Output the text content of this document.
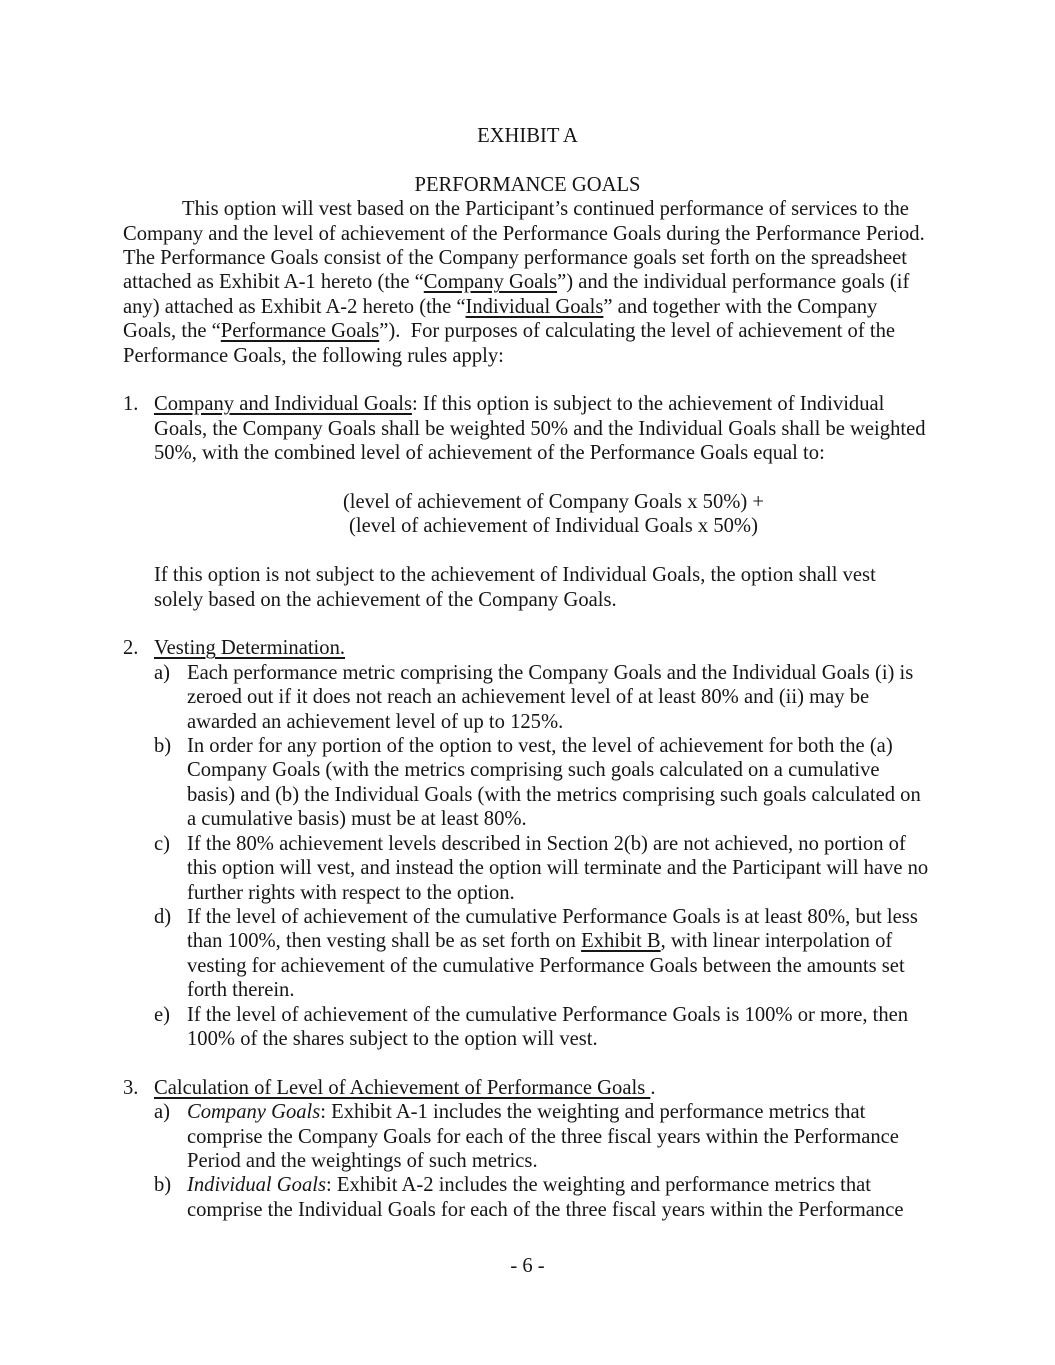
EXHIBIT A
PERFORMANCE GOALS
This option will vest based on the Participant’s continued performance of services to the
Company and the level of achievement of the Performance Goals during the Performance Period.
The Performance Goals consist of the Company performance goals set forth on the spreadsheet
attached as Exhibit A-1 hereto (the “Company Goals”) and the individual performance goals (if
any) attached as Exhibit A-2 hereto (the “Individual Goals” and together with the Company
Goals, the “Performance Goals”).  For purposes of calculating the level of achievement of the
Performance Goals, the following rules apply:
1. Company and Individual Goals: If this option is subject to the achievement of Individual
Goals, the Company Goals shall be weighted 50% and the Individual Goals shall be weighted
50%, with the combined level of achievement of the Performance Goals equal to:
(level of achievement of Company Goals x 50%) +
(level of achievement of Individual Goals x 50%)
If this option is not subject to the achievement of Individual Goals, the option shall vest
solely based on the achievement of the Company Goals.
2. Vesting Determination.
a) Each performance metric comprising the Company Goals and the Individual Goals (i) is
zeroed out if it does not reach an achievement level of at least 80% and (ii) may be
awarded an achievement level of up to 125%.
b) In order for any portion of the option to vest, the level of achievement for both the (a)
Company Goals (with the metrics comprising such goals calculated on a cumulative
basis) and (b) the Individual Goals (with the metrics comprising such goals calculated on
a cumulative basis) must be at least 80%.
c) If the 80% achievement levels described in Section 2(b) are not achieved, no portion of
this option will vest, and instead the option will terminate and the Participant will have no
further rights with respect to the option.
d) If the level of achievement of the cumulative Performance Goals is at least 80%, but less
than 100%, then vesting shall be as set forth on Exhibit B, with linear interpolation of
vesting for achievement of the cumulative Performance Goals between the amounts set
forth therein.
e) If the level of achievement of the cumulative Performance Goals is 100% or more, then
100% of the shares subject to the option will vest.
3. Calculation of Level of Achievement of Performance Goals .
a) Company Goals: Exhibit A-1 includes the weighting and performance metrics that
comprise the Company Goals for each of the three fiscal years within the Performance
Period and the weightings of such metrics.
b) Individual Goals: Exhibit A-2 includes the weighting and performance metrics that
comprise the Individual Goals for each of the three fiscal years within the Performance
- 6 -
